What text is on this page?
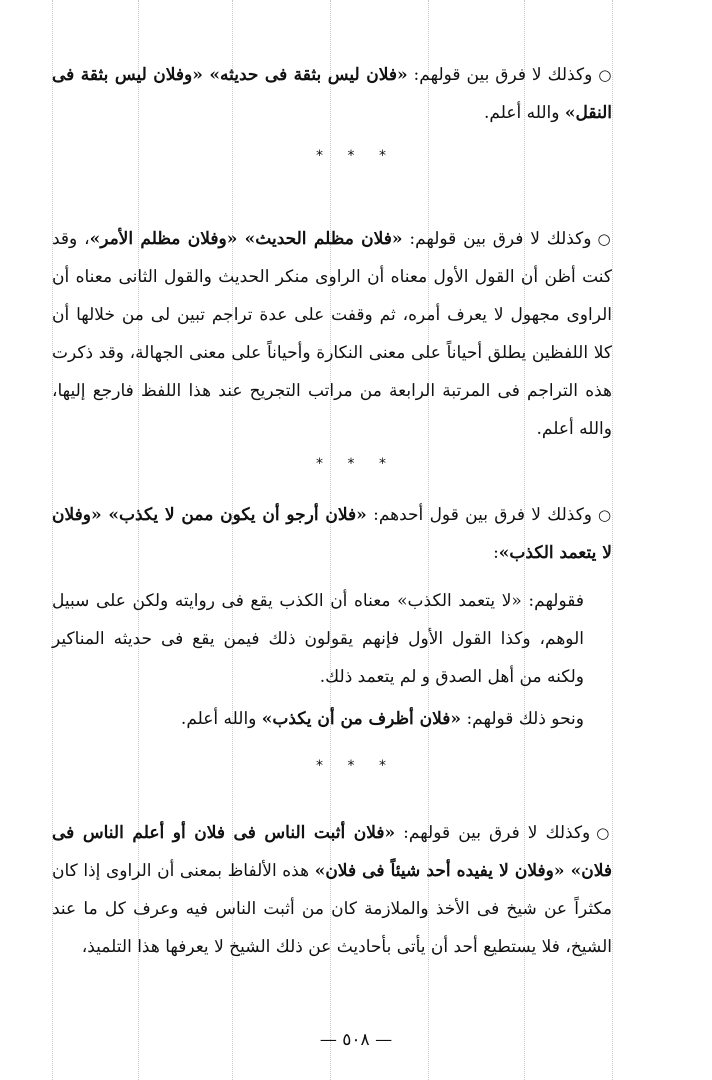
○وكذلك لا فرق بين قولهم: «فلان ليس بثقة فى حديثه» «وفلان ليس بثقة فى النقل» والله أعلم.
* * *
○وكذلك لا فرق بين قولهم: «فلان مظلم الحديث» «وفلان مظلم الأمر»، وقد كنت أظن أن القول الأول معناه أن الراوى منكر الحديث والقول الثانى معناه أن الراوى مجهول لا يعرف أمره، ثم وقفت على عدة تراجم تبين لى من خلالها أن كلا اللفظين يطلق أحياناً على معنى النكارة وأحياناً على معنى الجهالة، وقد ذكرت هذه التراجم فى المرتبة الرابعة من مراتب التجريح عند هذا اللفظ فارجع إليها، والله أعلم.
* * *
○وكذلك لا فرق بين قول أحدهم: «فلان أرجو أن يكون ممن لا يكذب» «وفلان لا يتعمد الكذب»:
فقولهم: «لا يتعمد الكذب» معناه أن الكذب يقع فى روايته ولكن على سبيل الوهم، وكذا القول الأول فإنهم يقولون ذلك فيمن يقع فى حديثه المناكير ولكنه من أهل الصدق و لم يتعمد ذلك.
ونحو ذلك قولهم: «فلان أظرف من أن يكذب» والله أعلم.
* * *
○وكذلك لا فرق بين قولهم: «فلان أثبت الناس فى فلان أو أعلم الناس فى فلان» «وفلان لا يفيده أحد شيئاً فى فلان» هذه الألفاظ بمعنى أن الراوى إذا كان مكثراً عن شيخ فى الأخذ والملازمة كان من أثبت الناس فيه وعرف كل ما عند الشيخ، فلا يستطيع أحد أن يأتى بأحاديث عن ذلك الشيخ لا يعرفها هذا التلميذ،
— ٥٠٨ —
